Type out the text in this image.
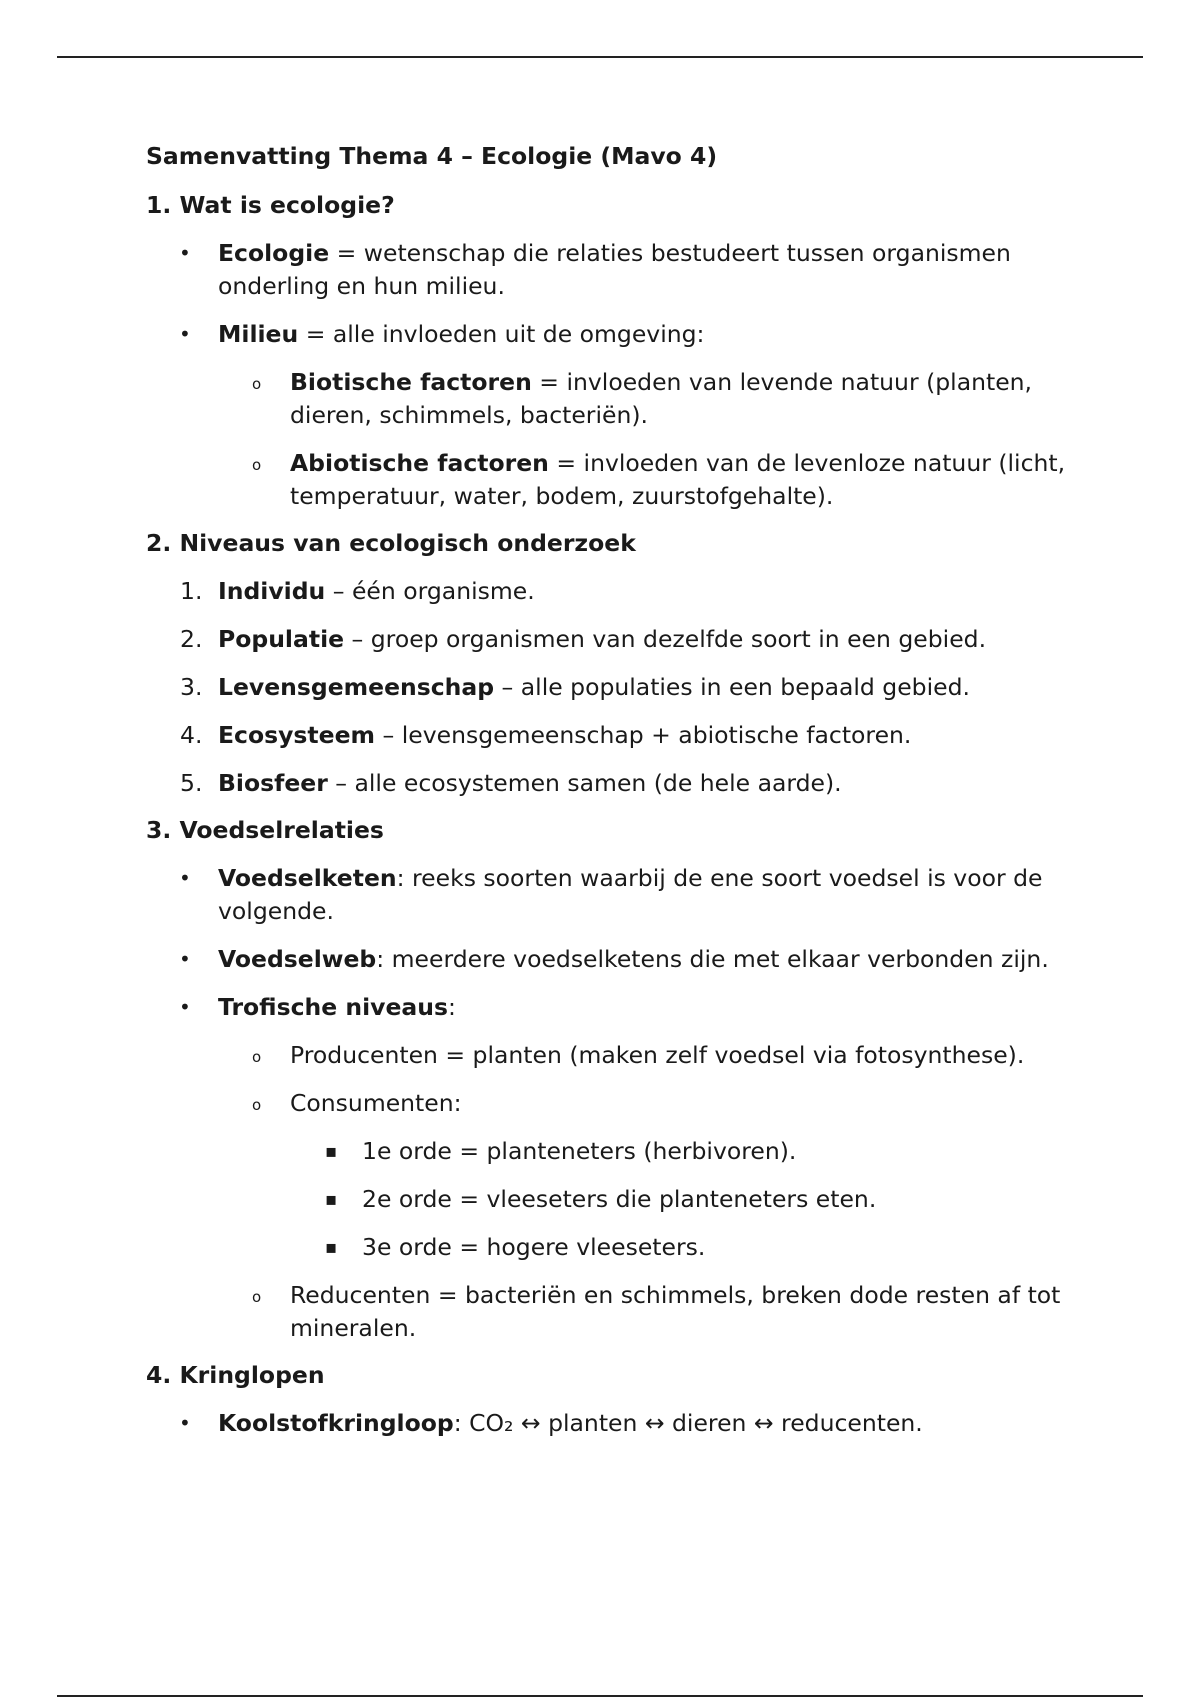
Samenvatting Thema 4 – Ecologie (Mavo 4)
1. Wat is ecologie?
• Ecologie = wetenschap die relaties bestudeert tussen organismen onderling en hun milieu.
• Milieu = alle invloeden uit de omgeving:
o Biotische factoren = invloeden van levende natuur (planten, dieren, schimmels, bacteriën).
o Abiotische factoren = invloeden van de levenloze natuur (licht, temperatuur, water, bodem, zuurstofgehalte).
2. Niveaus van ecologisch onderzoek
1. Individu – één organisme.
2. Populatie – groep organismen van dezelfde soort in een gebied.
3. Levensgemeenschap – alle populaties in een bepaald gebied.
4. Ecosysteem – levensgemeenschap + abiotische factoren.
5. Biosfeer – alle ecosystemen samen (de hele aarde).
3. Voedselrelaties
• Voedselketen: reeks soorten waarbij de ene soort voedsel is voor de volgende.
• Voedselweb: meerdere voedselketens die met elkaar verbonden zijn.
• Trofische niveaus:
o Producenten = planten (maken zelf voedsel via fotosynthese).
o Consumenten:
▪ 1e orde = planteneters (herbivoren).
▪ 2e orde = vleeseters die planteneters eten.
▪ 3e orde = hogere vleeseters.
o Reducenten = bacteriën en schimmels, breken dode resten af tot mineralen.
4. Kringlopen
• Koolstofkringloop: CO₂ ↔ planten ↔ dieren ↔ reducenten.
